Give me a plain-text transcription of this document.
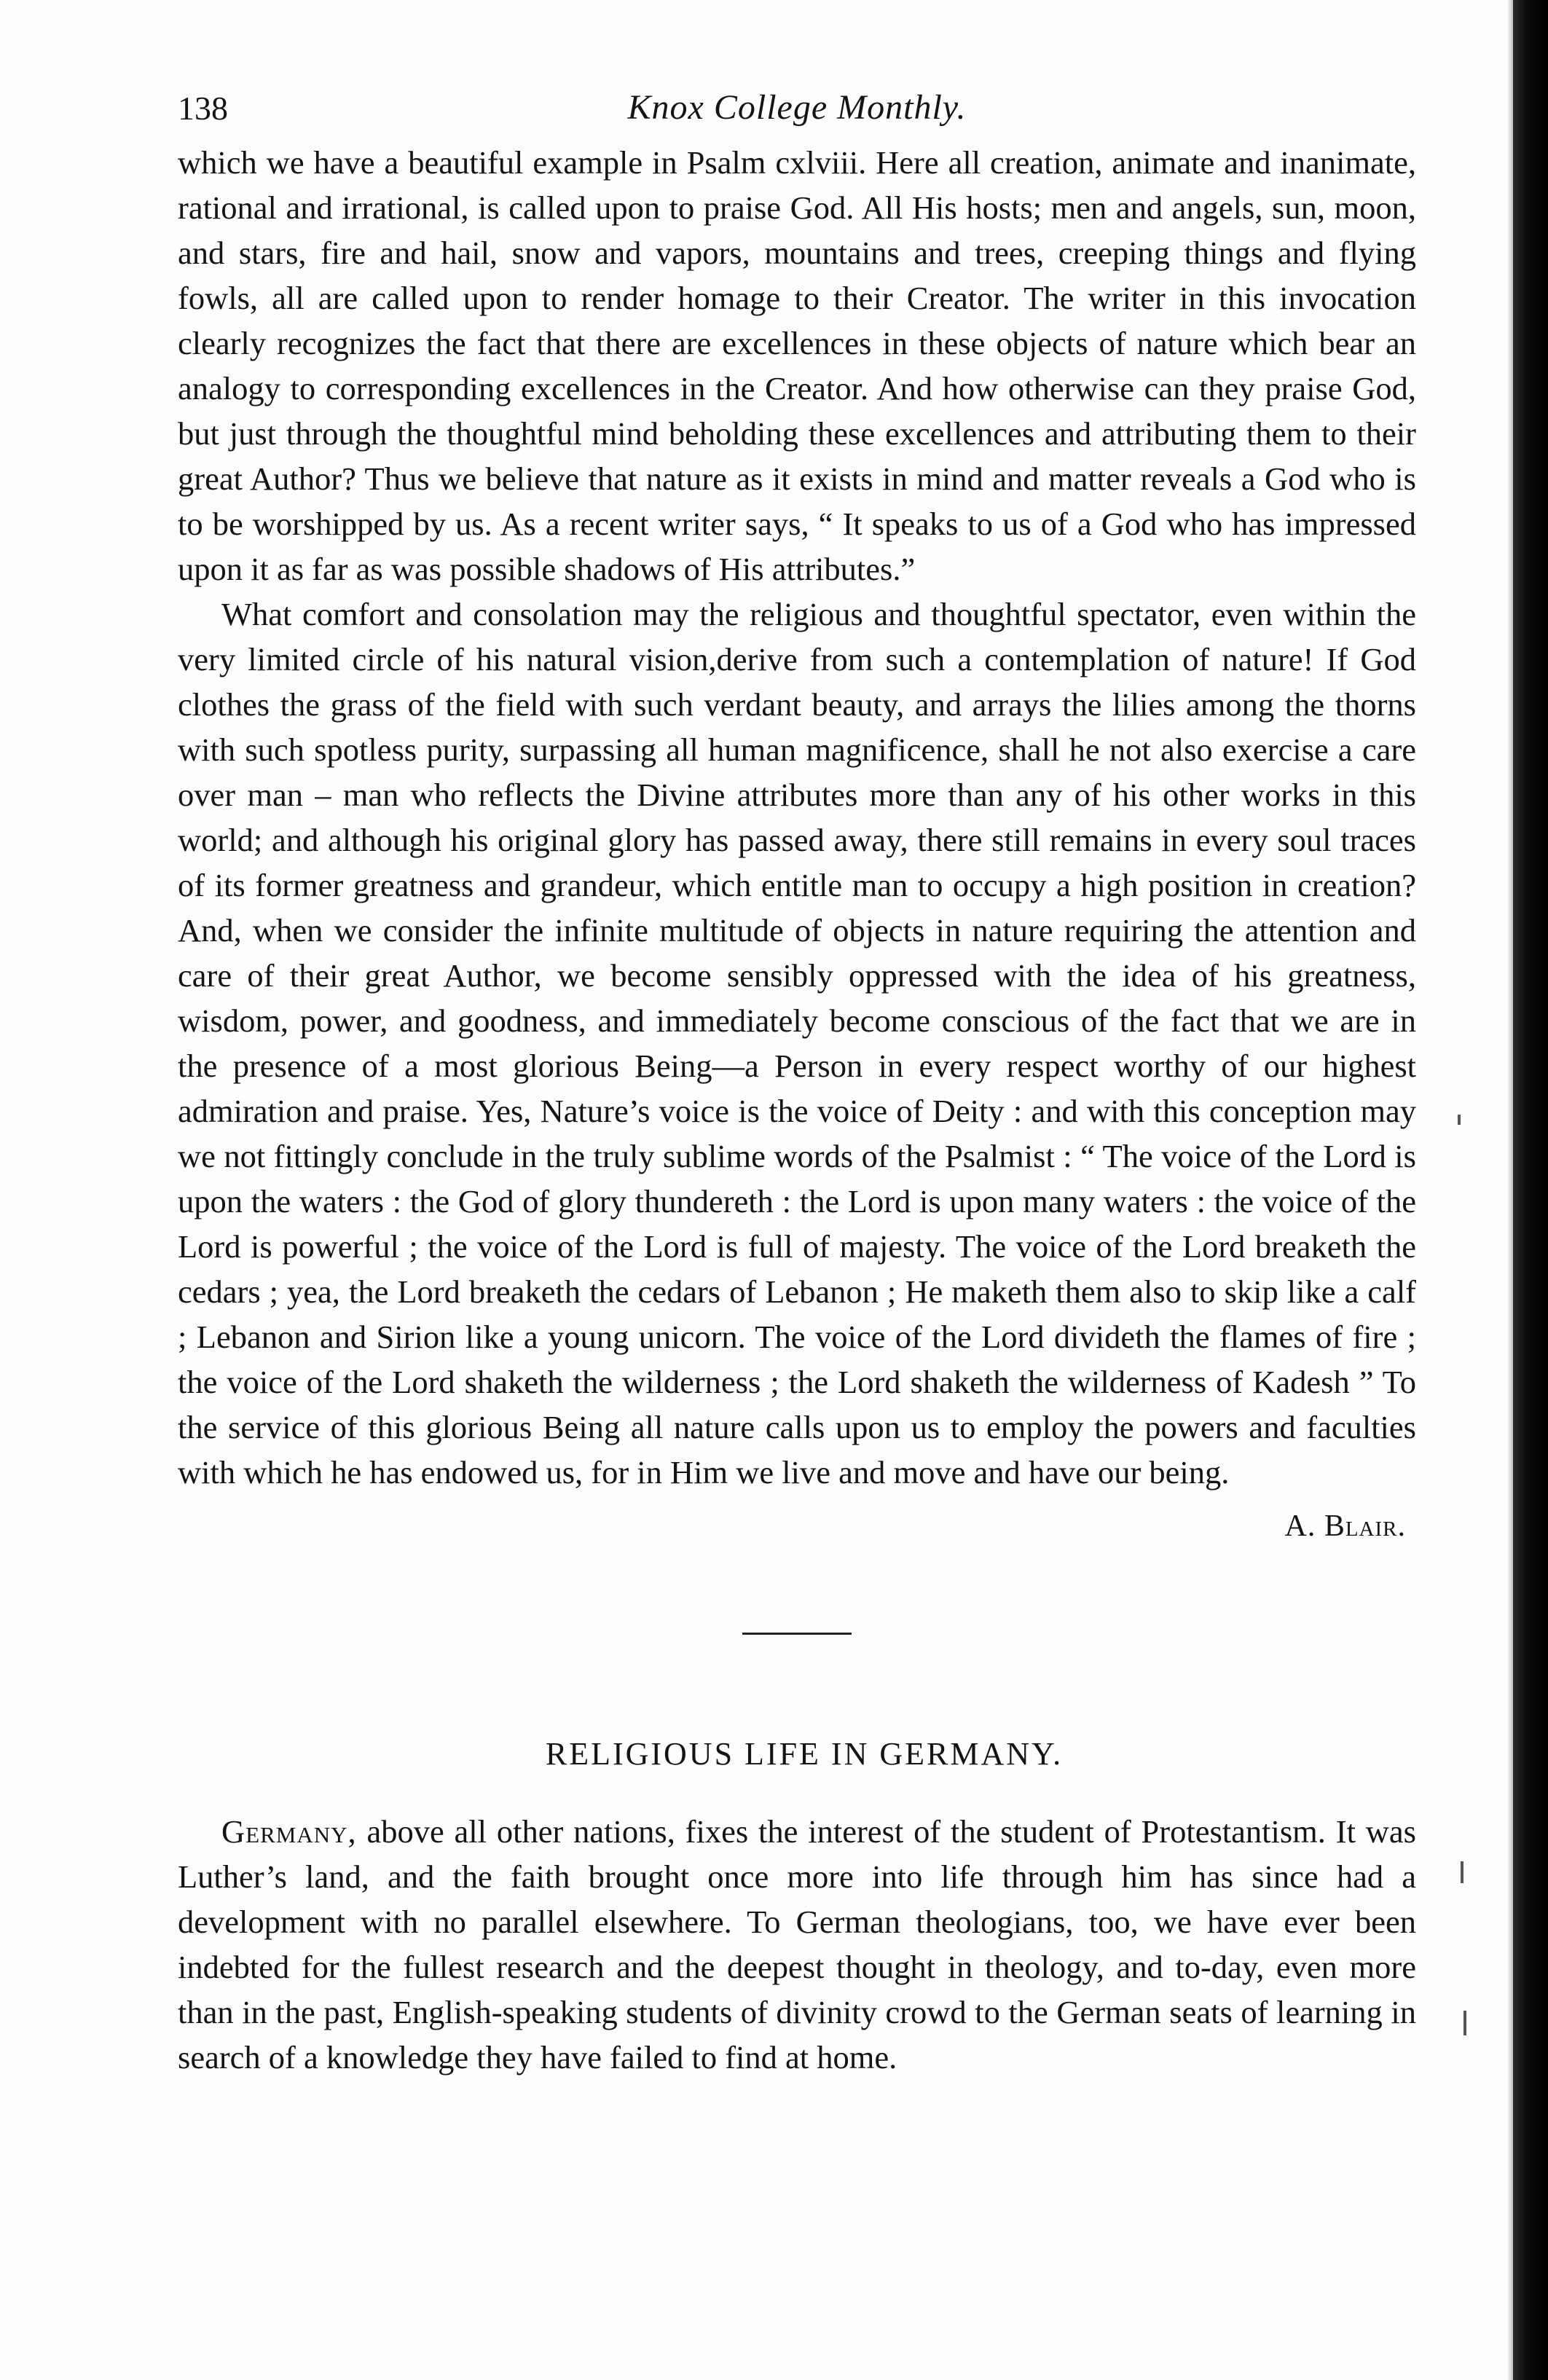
138	Knox College Monthly.

which we have a beautiful example in Psalm cxlviii. Here all creation, animate and inanimate, rational and irrational, is called upon to praise God. All His hosts; men and angels, sun, moon, and stars, fire and hail, snow and vapors, mountains and trees, creeping things and flying fowls, all are called upon to render homage to their Creator. The writer in this invocation clearly recognizes the fact that there are excellences in these objects of nature which bear an analogy to corresponding excellences in the Creator. And how otherwise can they praise God, but just through the thoughtful mind beholding these excellences and attributing them to their great Author? Thus we believe that nature as it exists in mind and matter reveals a God who is to be worshipped by us. As a recent writer says, “ It speaks to us of a God who has impressed upon it as far as was possible shadows of His attributes.”

What comfort and consolation may the religious and thoughtful spectator, even within the very limited circle of his natural vision,derive from such a contemplation of nature! If God clothes the grass of the field with such verdant beauty, and arrays the lilies among the thorns with such spotless purity, surpassing all human magnificence, shall he not also exercise a care over man – man who reflects the Divine attributes more than any of his other works in this world; and although his original glory has passed away, there still remains in every soul traces of its former greatness and grandeur, which entitle man to occupy a high position in creation? And, when we consider the infinite multitude of objects in nature requiring the attention and care of their great Author, we become sensibly oppressed with the idea of his greatness, wisdom, power, and goodness, and immediately become conscious of the fact that we are in the presence of a most glorious Being—a Person in every respect worthy of our highest admiration and praise. Yes, Nature’s voice is the voice of Deity : and with this conception may we not fittingly conclude in the truly sublime words of the Psalmist : “ The voice of the Lord is upon the waters : the God of glory thundereth : the Lord is upon many waters : the voice of the Lord is powerful ; the voice of the Lord is full of majesty. The voice of the Lord breaketh the cedars ; yea, the Lord breaketh the cedars of Lebanon ; He maketh them also to skip like a calf ; Lebanon and Sirion like a young unicorn. The voice of the Lord divideth the flames of fire ; the voice of the Lord shaketh the wilderness ; the Lord shaketh the wilderness of Kadesh ” To the service of this glorious Being all nature calls upon us to employ the powers and faculties with which he has endowed us, for in Him we live and move and have our being.

A. Blair.
RELIGIOUS LIFE IN GERMANY.

Germany, above all other nations, fixes the interest of the student of Protestantism. It was Luther’s land, and the faith brought once more into life through him has since had a development with no parallel elsewhere. To German theologians, too, we have ever been indebted for the fullest research and the deepest thought in theology, and to-day, even more than in the past, English-speaking students of divinity crowd to the German seats of learning in search of a knowledge they have failed to find at home.
